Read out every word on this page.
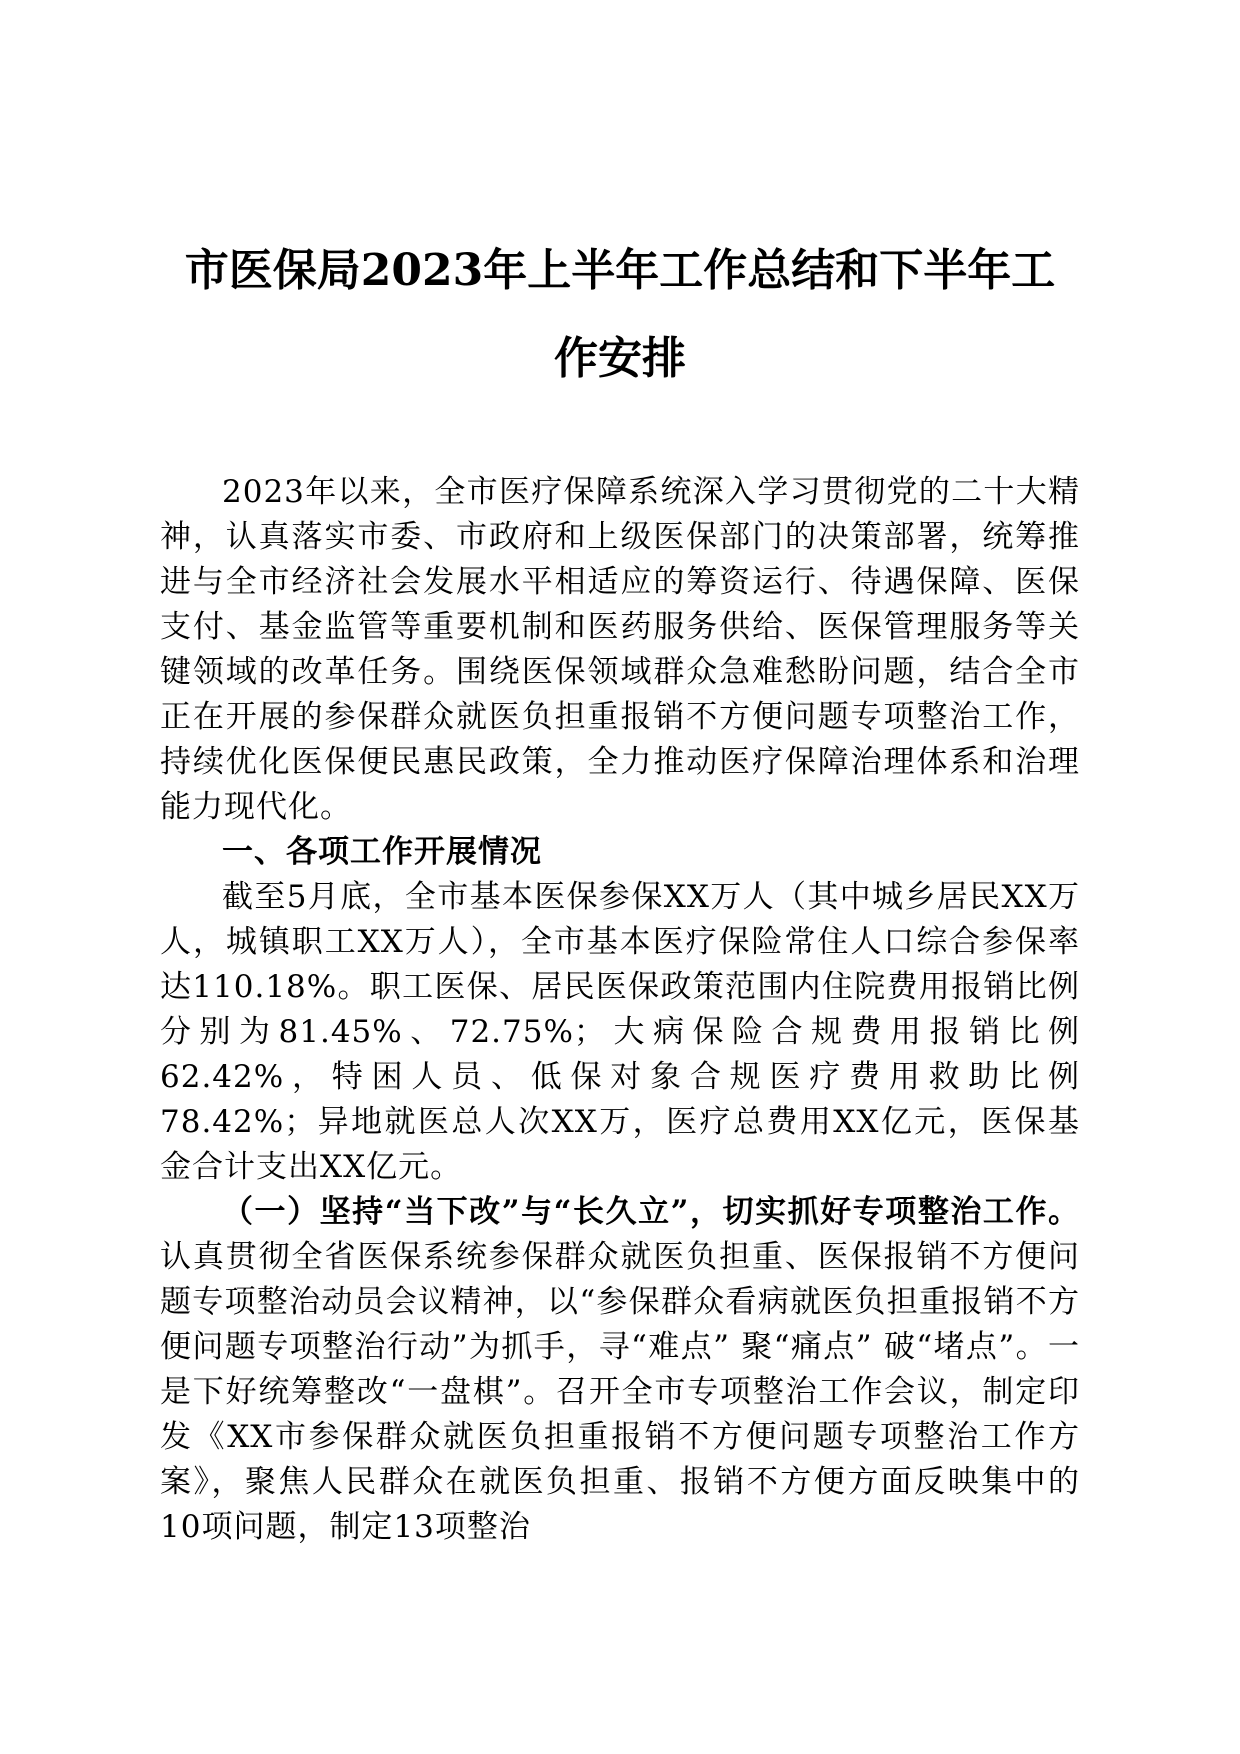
市医保局2023年上半年工作总结和下半年工
作安排

2023年以来，全市医疗保障系统深入学习贯彻党的二十大精神，认真落实市委、市政府和上级医保部门的决策部署，统筹推进与全市经济社会发展水平相适应的筹资运行、待遇保障、医保支付、基金监管等重要机制和医药服务供给、医保管理服务等关键领域的改革任务。围绕医保领域群众急难愁盼问题，结合全市正在开展的参保群众就医负担重报销不方便问题专项整治工作，持续优化医保便民惠民政策，全力推动医疗保障治理体系和治理能力现代化。

一、各项工作开展情况

截至5月底，全市基本医保参保XX万人（其中城乡居民XX万人，城镇职工XX万人），全市基本医疗保险常住人口综合参保率达110.18%。职工医保、居民医保政策范围内住院费用报销比例分别为81.45%、72.75%；大病保险合规费用报销比例62.42%，特困人员、低保对象合规医疗费用救助比例78.42%；异地就医总人次XX万，医疗总费用XX亿元，医保基金合计支出XX亿元。

（一）坚持“当下改”与“长久立”，切实抓好专项整治工作。认真贯彻全省医保系统参保群众就医负担重、医保报销不方便问题专项整治动员会议精神，以“参保群众看病就医负担重报销不方便问题专项整治行动”为抓手，寻“难点” 聚“痛点” 破“堵点”。一是下好统筹整改“一盘棋”。召开全市专项整治工作会议，制定印发《XX市参保群众就医负担重报销不方便问题专项整治工作方案》，聚焦人民群众在就医负担重、报销不方便方面反映集中的10项问题，制定13项整治
